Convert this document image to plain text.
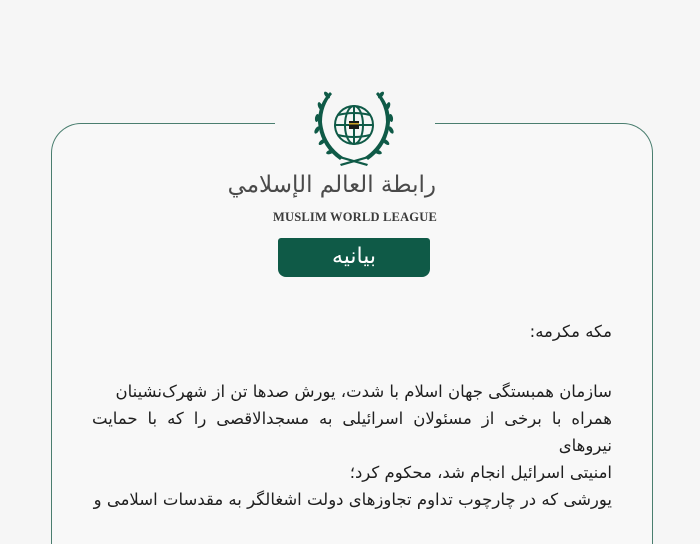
رابطة العالم الإسلامي
MUSLIM WORLD LEAGUE
بیانیه
مکه مکرمه:
سازمان همبستگی جهان اسلام با شدت، یورش صدها تن از شهرک‌نشینان
همراه با برخی از مسئولان اسرائیلی به مسجدالاقصی را که با حمایت نیروهای
امنیتی اسرائیل انجام شد، محکوم کرد؛
یورشی که در چارچوب تداوم تجاوزهای دولت اشغالگر به مقدسات اسلامی و
